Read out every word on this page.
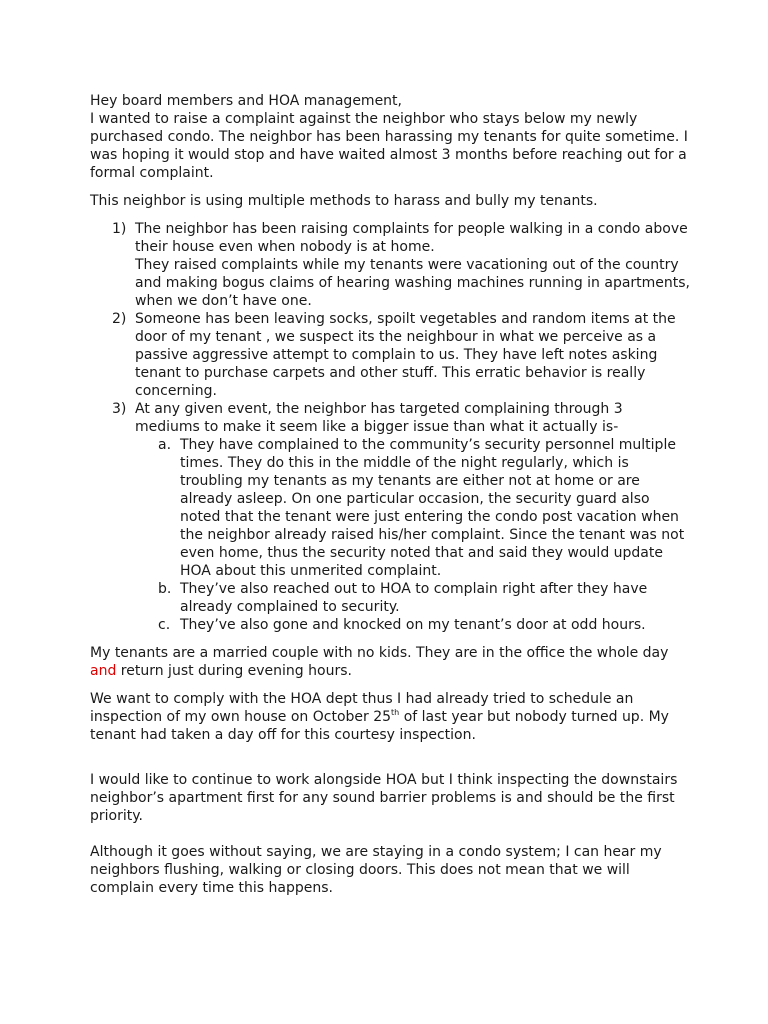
Hey board members and HOA management,

I wanted to raise a complaint against the neighbor who stays below my newly purchased condo. The neighbor has been harassing my tenants for quite sometime. I was hoping it would stop and have waited almost 3 months before reaching out for a formal complaint.

This neighbor is using multiple methods to harass and bully my tenants.

1) The neighbor has been raising complaints for people walking in a condo above their house even when nobody is at home.

They raised complaints while my tenants were vacationing out of the country and making bogus claims of hearing washing machines running in apartments, when we don’t have one.

2) Someone has been leaving socks, spoilt vegetables and random items at the door of my tenant , we suspect its the neighbour in what we perceive as a passive aggressive attempt to complain to us. They have left notes asking tenant to purchase carpets and other stuff. This erratic behavior is really concerning.

3) At any given event, the neighbor has targeted complaining through 3 mediums to make it seem like a bigger issue than what it actually is-

a. They have complained to the community’s security personnel multiple times. They do this in the middle of the night regularly, which is troubling my tenants as my tenants are either not at home or are already asleep. On one particular occasion, the security guard also noted that the tenant were just entering the condo post vacation when the neighbor already raised his/her complaint. Since the tenant was not even home, thus the security noted that and said they would update HOA about this unmerited complaint.

b. They’ve also reached out to HOA to complain right after they have already complained to security.

c. They’ve also gone and knocked on my tenant’s door at odd hours.

My tenants are a married couple with no kids. They are in the office the whole day and return just during evening hours.

We want to comply with the HOA dept thus I had already tried to schedule an inspection of my own house on October 25th of last year but nobody turned up. My tenant had taken a day off for this courtesy inspection.

I would like to continue to work alongside HOA but I think inspecting the downstairs neighbor’s apartment first for any sound barrier problems is and should be the first priority.

Although it goes without saying, we are staying in a condo system; I can hear my neighbors flushing, walking or closing doors. This does not mean that we will complain every time this happens.
